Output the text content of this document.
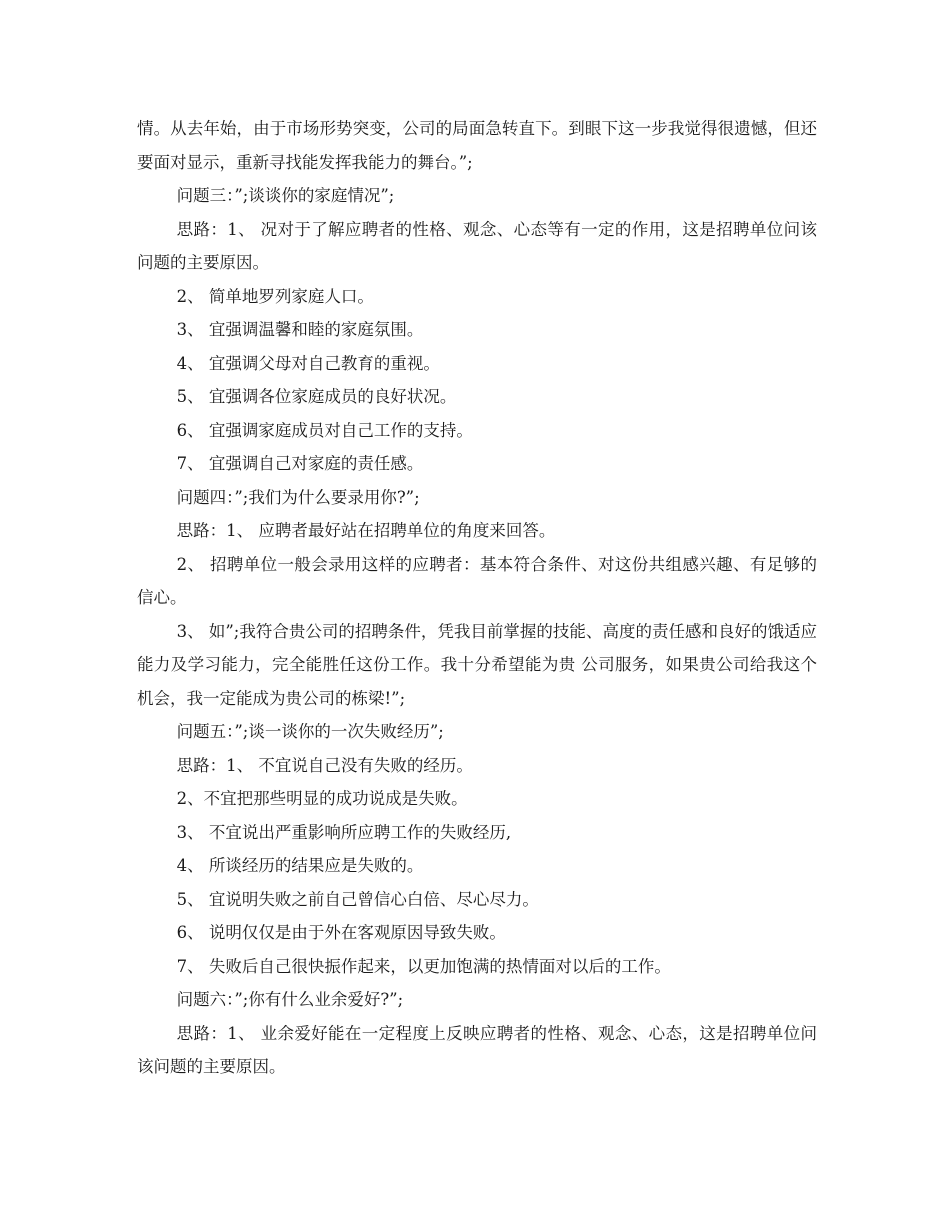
情。从去年始，由于市场形势突变，公司的局面急转直下。到眼下这一步我觉得很遗憾，但还要面对显示，重新寻找能发挥我能力的舞台。”;

问题三：”;谈谈你的家庭情况”;

思路：1、 况对于了解应聘者的性格、观念、心态等有一定的作用，这是招聘单位问该问题的主要原因。

2、 简单地罗列家庭人口。

3、 宜强调温馨和睦的家庭氛围。

4、 宜强调父母对自己教育的重视。

5、 宜强调各位家庭成员的良好状况。

6、 宜强调家庭成员对自己工作的支持。

7、 宜强调自己对家庭的责任感。

问题四：”;我们为什么要录用你?”;

思路：1、 应聘者最好站在招聘单位的角度来回答。

2、 招聘单位一般会录用这样的应聘者：基本符合条件、对这份共组感兴趣、有足够的信心。

3、 如”;我符合贵公司的招聘条件，凭我目前掌握的技能、高度的责任感和良好的饿适应能力及学习能力，完全能胜任这份工作。我十分希望能为贵 公司服务，如果贵公司给我这个机会，我一定能成为贵公司的栋梁!”;

问题五：”;谈一谈你的一次失败经历”;

思路：1、 不宜说自己没有失败的经历。

2、不宜把那些明显的成功说成是失败。

3、 不宜说出严重影响所应聘工作的失败经历,

4、 所谈经历的结果应是失败的。

5、 宜说明失败之前自己曾信心白倍、尽心尽力。

6、 说明仅仅是由于外在客观原因导致失败。

7、 失败后自己很快振作起来，以更加饱满的热情面对以后的工作。

问题六：”;你有什么业余爱好?”;

思路：1、 业余爱好能在一定程度上反映应聘者的性格、观念、心态，这是招聘单位问该问题的主要原因。
